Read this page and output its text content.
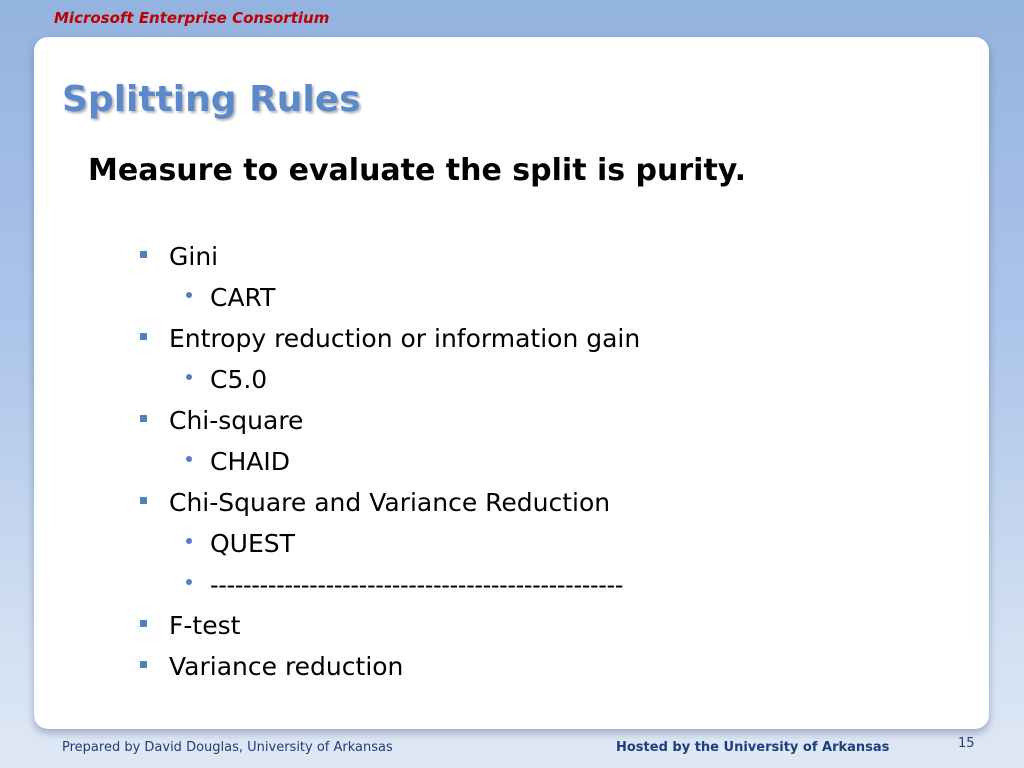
Microsoft Enterprise Consortium
Splitting Rules
Measure to evaluate the split is purity.
Gini
CART
Entropy reduction or information gain
C5.0
Chi-square
CHAID
Chi-Square and Variance Reduction
QUEST
--------------------------------------------------
F-test
Variance reduction
Prepared by David Douglas, University of Arkansas	Hosted by the University of Arkansas	15
